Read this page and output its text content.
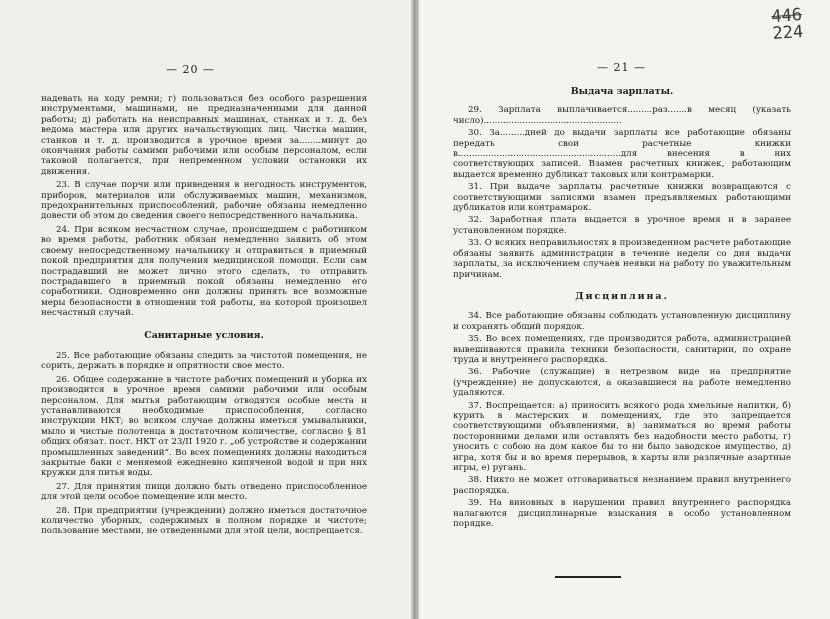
— 20 —

надевать на ходу ремни; г) пользоваться без особого разрешения инструментами, машинами, не предназначенными для данной работы; д) работать на неисправных машинах, станках и т. д. без ведома мастера или других начальствующих лиц. Чистка машин, станков и т. д. производится в урочное время за........минут до окончания работы самими рабочими или особым персоналом, если таковой полагается, при непременном условии остановки их движения.

23. В случае порчи или приведения в негодность инструментов, приборов, материалов или обслуживаемых машин, механизмов, предохранительных приспособлений, рабочие обязаны немедленно довести об этом до сведения своего непосредственного начальника.

24. При всяком несчастном случае, происшедшем с работником во время работы, работник обязан немедленно заявить об этом своему непосредственному начальнику и отправиться в приемный покой предприятия для получения медицинской помощи. Если сам пострадавший не может лично этого сделать, то отправить пострадавшего в приемный покой обязаны немедленно его соработники. Одновременно они должны принять все возможные меры безопасности в отношении той работы, на которой произошел несчастный случай.

Санитарные условия.

25. Все работающие обязаны следить за чистотой помещения, не сорить, держать в порядке и опрятности свое место.

26. Общее содержание в чистоте рабочих помещений и уборка их производится в урочное время самими рабочими или особым персоналом. Для мытья работающим отводятся особые места и устанавливаются необходимые приспособления, согласно инструкции НКТ; во всяком случае должны иметься умывальники, мыло и чистые полотенца в достаточном количестве, согласно § 81 общих обязат. пост. НКТ от 23/II 1920 г. „об устройстве и содержании промышленных заведений“. Во всех помещениях должны находиться закрытые баки с меняемой ежедневно кипяченой водой и при них кружки для питья воды.

27. Для принятия пищи должно быть отведено приспособленное для этой цели особое помещение или место.

28. При предприятии (учреждении) должно иметься достаточное количество уборных, содержимых в полном порядке и чистоте; пользование местами, не отведенными для этой цели, воспрещается.

— 21 —

Выдача зарплаты.

29. Зарплата выплачивается.........раз.......в месяц (указать число)..................................................

30. За.........дней до выдачи зарплаты все работающие обязаны передать свои расчетные книжки в...........................................................для внесения в них соответствующих записей. Взамен расчетных книжек, работающим выдается временно дубликат таковых или контрамарки.

31. При выдаче зарплаты расчетные книжки возвращаются с соответствующими записями взамен предъявляемых работающими дубликатов или контрамарок.

32. Заработная плата выдается в урочное время и в заранее установленном порядке.

33. О всяких неправильностях в произведенном расчете работающие обязаны заявить администрации в течение недели со дня выдачи зарплаты, за исключением случаев неявки на работу по уважительным причинам.

Дисциплина.

34. Все работающие обязаны соблюдать установленную дисциплину и сохранять общий порядок.

35. Во всех помещениях, где производится работа, администрацией вывешиваются правила техники безопасности, санитарии, по охране труда и внутреннего распорядка.

36. Рабочие (служащие) в нетрезвом виде на предприятие (учреждение) не допускаются, а оказавшиеся на работе немедленно удаляются.

37. Воспрещается: а) приносить всякого рода хмельные напитки, б) курить в мастерских и помещениях, где это запрещается соответствующими объявлениями, в) заниматься во время работы посторонними делами или оставлять без надобности место работы, г) уносить с собою на дом какое бы то ни было заводское имущество, д) игра, хотя бы и во время перерывов, в карты или различные азартные игры, е) ругань.

38. Никто не может отговариваться незнанием правил внутреннего распорядка.

39. На виновных в нарушении правил внутреннего распорядка налагаются дисциплинарные взыскания в особо установленном порядке.

446
224
